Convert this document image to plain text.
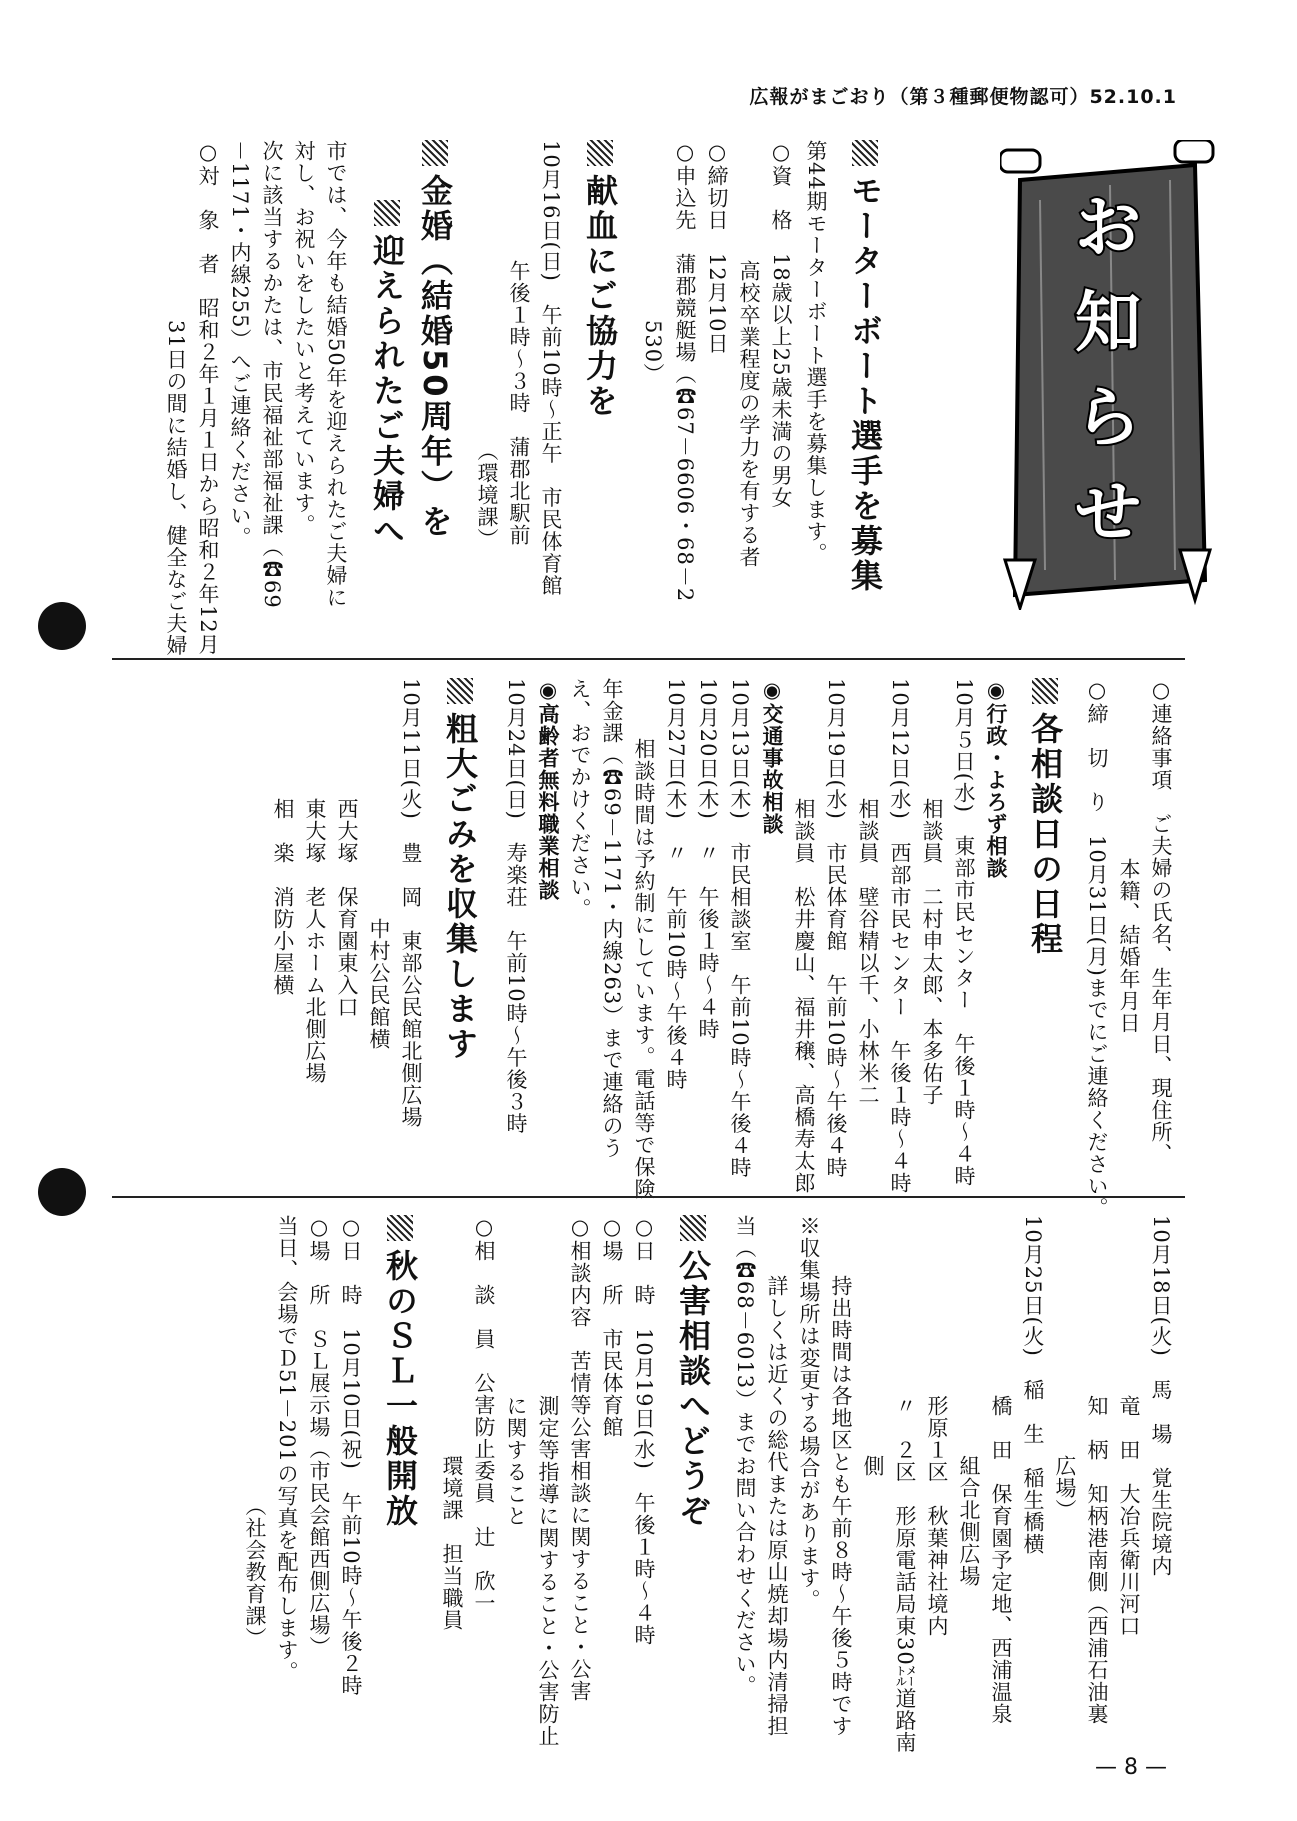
広報がまごおり（第３種郵便物認可）52.10.1
お
知
ら
せ
モーターボート選手を募集
第44期モーターボート選手を募集します。
○資　格　18歳以上25歳未満の男女
高校卒業程度の学力を有する者
○締切日　12月10日
○申込先　蒲郡競艇場（☎67－6606・68－2
530）
献血にご協力を
10月16日(日)　午前10時～正午　市民体育館
午後１時～３時　蒲郡北駅前
（環境課）
金婚（結婚50周年）を
迎えられたご夫婦へ
市では、今年も結婚50年を迎えられたご夫婦に
対し、お祝いをしたいと考えています。
次に該当するかたは、市民福祉部福祉課（☎69
－1171・内線255）へご連絡ください。
○対　象　者　昭和２年１月１日から昭和２年12月
31日の間に結婚し、健全なご夫婦
○連絡事項　ご夫婦の氏名、生年月日、現住所、
本籍、結婚年月日
○締　切　り　10月31日(月)までにご連絡ください。
各相談日の日程
◉行政・よろず相談
10月５日(水)　東部市民センター　午後１時～４時
相談員　二村申太郎、本多佑子
10月12日(水)　西部市民センター　午後１時～４時
相談員　壁谷精以千、小林米二
10月19日(水)　市民体育館　午前10時～午後４時
相談員　松井慶山、福井穣、高橋寿太郎
◉交通事故相談
10月13日(木)　市民相談室　午前10時～午後４時
10月20日(木)　〃　午後１時～４時
10月27日(木)　〃　午前10時～午後４時
相談時間は予約制にしています。電話等で保険
年金課（☎69－1171・内線263）まで連絡のう
え、おでかけください。
◉高齢者無料職業相談
10月24日(日)　寿楽荘　午前10時～午後３時
粗大ごみを収集します
10月11日(火)　豊　岡　東部公民館北側広場
中村公民館横
西大塚　保育園東入口
東大塚　老人ホーム北側広場
相　楽　消防小屋横
10月18日(火)　馬　場　覚生院境内
竜　田　大冶兵衛川河口
知　柄　知柄港南側（西浦石油裏
広場）
10月25日(火)　稲　生　稲生橋横
橋　田　保育園予定地、西浦温泉
組合北側広場
形原１区　秋葉神社境内
〃　２区　形原電話局東30㍍道路南
側
持出時間は各地区とも午前８時～午後５時です
※収集場所は変更する場合があります。
詳しくは近くの総代または原山焼却場内清掃担
当（☎68－6013）までお問い合わせください。
公害相談へどうぞ
○日　時　10月19日(水)　午後１時～４時
○場　所　市民体育館
○相談内容　苦情等公害相談に関すること・公害
測定等指導に関すること・公害防止
に関すること
○相　談　員　公害防止委員　辻　欣一
環境課　担当職員
秋のＳＬ一般開放
○日　時　10月10日(祝)　午前10時～午後２時
○場　所　ＳＬ展示場（市民会館西側広場）
当日、会場でＤ51－201の写真を配布します。
（社会教育課）
— 8 —
